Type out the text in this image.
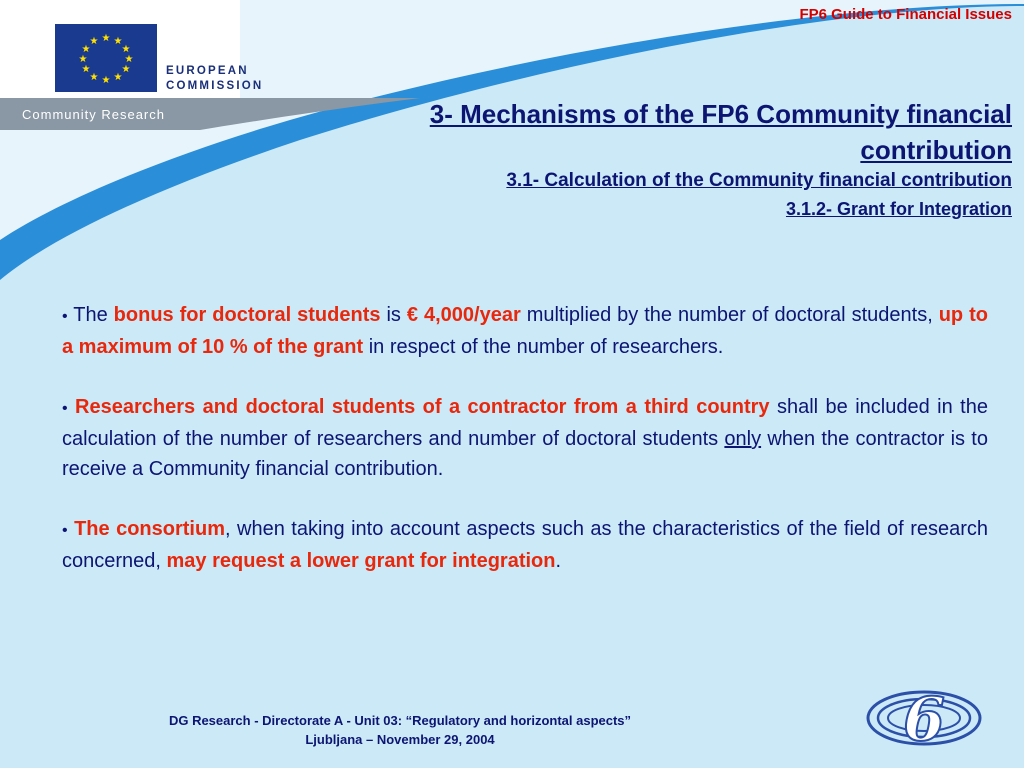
FP6 Guide to Financial Issues
★ ★
★
★
★
★
★
★
★
★
★
★
EUROPEAN
COMMISSION
Community Research	3- Mechanisms of the FP6 Community financial contribution

3.1- Calculation of the Community financial contribution

3.1.2- Grant for Integration

• The bonus for doctoral students is € 4,000/year multiplied by the number of doctoral students, up to a maximum of 10 % of the grant in respect of the number of researchers.

• Researchers and doctoral students of a contractor from a third country shall be included in the calculation of the number of researchers and number of doctoral students only when the contractor is to receive a Community financial contribution.

• The consortium, when taking into account aspects such as the characteristics of the field of research concerned, may request a lower grant for integration.

DG Research - Directorate A - Unit 03: “Regulatory and horizontal aspects”
Ljubljana – November 29, 2004	6
